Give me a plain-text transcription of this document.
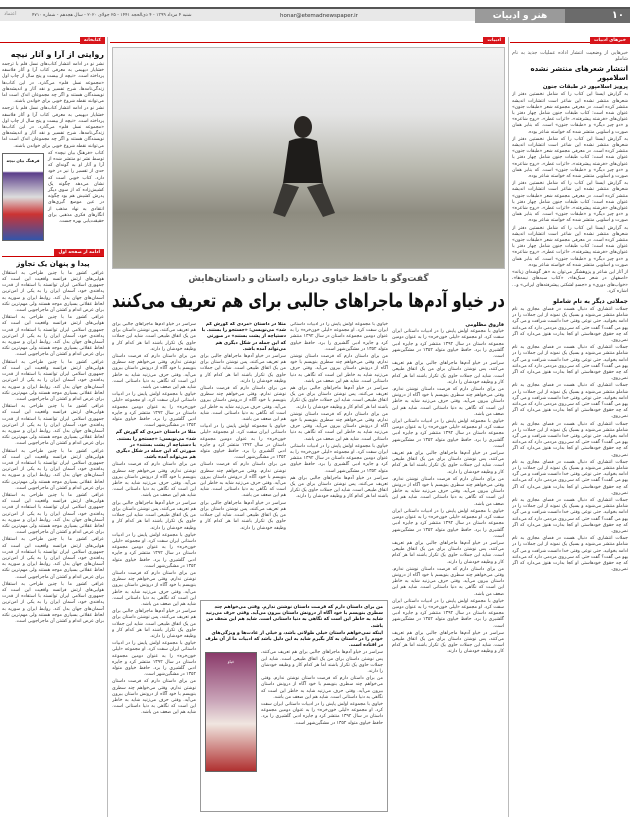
۱۰
هنر و ادبیات
honar@etemadnewspaper.ir
شنبه ۴ مرداد ۱۳۹۹ - ۴ ذی‌الحجه ۱۴۴۱ - ۲۵ جولای ۲۰۲۰ - سال هجدهم - شماره ۴۷۱۰
اعتماد
خبرهای ادبیات
ادبیات
کتابخانه

خبرهایی از وضعیت انتشار اداده عملیات جدید به نام شاملو

انتشار شعرهای منتشر نشده اسلامپور

پرویز اسلامپور در طبقات جنون

به گزارش ایسنا این کتاب را که شامل نخستین دفتر از شعرهای منتشر نشده این شاعر است انتشارات اندیشه منتشر کرده است. در معرفی مجموعه شعر «طبقات جنون» عنوان شده است: کتاب طبقات جنون شامل چهار دفتر با عنوان‌های «فرشته پیشرفته»، «اثرات عطر»، «روح شاعره» و «دو چیز دیگر» و «طبقات جنون» است. که بنابر همان صورت و اسلوبی منتشر شده که خواسته شاعر بوده.

به گزارش ایسنا این کتاب را که شامل نخستین دفتر از شعرهای منتشر نشده این شاعر است انتشارات اندیشه منتشر کرده است. در معرفی مجموعه شعر «طبقات جنون» عنوان شده است: کتاب طبقات جنون شامل چهار دفتر با عنوان‌های «فرشته پیشرفته»، «اثرات عطر»، «روح شاعره» و «دو چیز دیگر» و «طبقات جنون» است. که بنابر همان صورت و اسلوبی منتشر شده که خواسته شاعر بوده.

به گزارش ایسنا این کتاب را که شامل نخستین دفتر از شعرهای منتشر نشده این شاعر است انتشارات اندیشه منتشر کرده است. در معرفی مجموعه شعر «طبقات جنون» عنوان شده است: کتاب طبقات جنون شامل چهار دفتر با عنوان‌های «فرشته پیشرفته»، «اثرات عطر»، «روح شاعره» و «دو چیز دیگر» و «طبقات جنون» است. که بنابر همان صورت و اسلوبی منتشر شده که خواسته شاعر بوده.

به گزارش ایسنا این کتاب را که شامل نخستین دفتر از شعرهای منتشر نشده این شاعر است انتشارات اندیشه منتشر کرده است. در معرفی مجموعه شعر «طبقات جنون» عنوان شده است: کتاب طبقات جنون شامل چهار دفتر با عنوان‌های «فرشته پیشرفته»، «اثرات عطر»، «روح شاعره» و «دو چیز دیگر» و «طبقات جنون» است. که بنابر همان صورت و اسلوبی منتشر شده که خواسته شاعر بوده.

از آثار این شاعر و پژوهشگر می‌توان به «هر گوشه‌ای زبانه» «اصفهان در شعر سبک‌ها»، «کتاب سبدهای نیمه‌ها»، «خواب‌های دوری» و «جسدِ لشکنی پیشرفته‌های ایرانی» و... اشاره کرد.

جملاتی دیگر به نام شاملو

جملات انتشاری که دنبال هست در فضای مجازی به نام شاملو منتشر می‌شوند و بسیک یک نمونه از این جملات را در ادامه بخوانید. حتی نوعی وقتی خدا دانست شرافت و می گرد یهو می گفت؟ گفت حتی که سی‌روی مردمی دارد که می‌دانند که چه حقوق خودهاستی او کجا بدارت هنوز می‌دارد که اگر نمی‌روی.

جملات انتشاری که دنبال هست در فضای مجازی به نام شاملو منتشر می‌شوند و بسیک یک نمونه از این جملات را در ادامه بخوانید. حتی نوعی وقتی خدا دانست شرافت و می گرد یهو می گفت؟ گفت حتی که سی‌روی مردمی دارد که می‌دانند که چه حقوق خودهاستی او کجا بدارت هنوز می‌دارد که اگر نمی‌روی.

جملات انتشاری که دنبال هست در فضای مجازی به نام شاملو منتشر می‌شوند و بسیک یک نمونه از این جملات را در ادامه بخوانید. حتی نوعی وقتی خدا دانست شرافت و می گرد یهو می گفت؟ گفت حتی که سی‌روی مردمی دارد که می‌دانند که چه حقوق خودهاستی او کجا بدارت هنوز می‌دارد که اگر نمی‌روی.

جملات انتشاری که دنبال هست در فضای مجازی به نام شاملو منتشر می‌شوند و بسیک یک نمونه از این جملات را در ادامه بخوانید. حتی نوعی وقتی خدا دانست شرافت و می گرد یهو می گفت؟ گفت حتی که سی‌روی مردمی دارد که می‌دانند که چه حقوق خودهاستی او کجا بدارت هنوز می‌دارد که اگر نمی‌روی.

جملات انتشاری که دنبال هست در فضای مجازی به نام شاملو منتشر می‌شوند و بسیک یک نمونه از این جملات را در ادامه بخوانید. حتی نوعی وقتی خدا دانست شرافت و می گرد یهو می گفت؟ گفت حتی که سی‌روی مردمی دارد که می‌دانند که چه حقوق خودهاستی او کجا بدارت هنوز می‌دارد که اگر نمی‌روی.

جملات انتشاری که دنبال هست در فضای مجازی به نام شاملو منتشر می‌شوند و بسیک یک نمونه از این جملات را در ادامه بخوانید. حتی نوعی وقتی خدا دانست شرافت و می گرد یهو می گفت؟ گفت حتی که سی‌روی مردمی دارد که می‌دانند که چه حقوق خودهاستی او کجا بدارت هنوز می‌دارد که اگر نمی‌روی.

جملات انتشاری که دنبال هست در فضای مجازی به نام شاملو منتشر می‌شوند و بسیک یک نمونه از این جملات را در ادامه بخوانید. حتی نوعی وقتی خدا دانست شرافت و می گرد یهو می گفت؟ گفت حتی که سی‌روی مردمی دارد که می‌دانند که چه حقوق خودهاستی او کجا بدارت هنوز می‌دارد که اگر نمی‌روی.

روایتی از آرا و آثار نیچه

نشر نو در ادامه انتشار کتاب‌های نسل قلم با ترجمه خشایار دیهیمی به معرفی کتاب آرا و آثار فلاسفه پرداخته است. «نیچه از بیست و پنج سال از چاپ اول «مجموعه نسل قلم» می‌گذرد. در این کتاب‌ها زندگی‌نامه‌ها، شرح تفسیر و نقد آثار و اندیشه‌های نویسندگان هستند و اگر چه مجموعان اندک است اما می‌توانند نقطه شروع خوبی برای خواندن باشند.

نشر نو در ادامه انتشار کتاب‌های نسل قلم با ترجمه خشایار دیهیمی به معرفی کتاب آرا و آثار فلاسفه پرداخته است. «نیچه از بیست و پنج سال از چاپ اول «مجموعه نسل قلم» می‌گذرد. در این کتاب‌ها زندگی‌نامه‌ها، شرح تفسیر و نقد آثار و اندیشه‌های نویسندگان هستند و اگر چه مجموعان اندک است اما می‌توانند نقطه شروع خوبی برای خواندن باشند.

فرهنگ بیان نیچه

کتاب «فرهنگ بیان نیچه» که توسط نشر نو منتشر شده از آرا و آثار او به گونه‌ای که حدی از تفسیر را نیز در خود دارد. کتاب خوبی است که نشان می‌دهد چگونه یک کشیش‌زاده که از سوی دیگر پدرش کشیش هم بود چگونه در عین موضع گیری‌های انتقادی به نهاد مذهب از انگارهای فکری مذهبی برای حقیقت‌یابی بهره جست.

ادامه از صفحه اول

پیدا و پنهان یک تجاوز

عراقی کشور ما با چنین طراحی به استقلال هوایی‌های ارتش فرانسه واقعیت این است که جمهوری اسلامی ایران توانسته با استفاده از قدرت پدافندی خود، آسمان ایران را به یکی از امن‌ترین آسمان‌های جهان بدل کند. روابط ایران و سوریه به لحاظ عقلانی بسیاری موجه هستند ولی مهم‌ترین نکته برای عرض اندام و کشتن آن ماجراجویی است.

عراقی کشور ما با چنین طراحی به استقلال هوایی‌های ارتش فرانسه واقعیت این است که جمهوری اسلامی ایران توانسته با استفاده از قدرت پدافندی خود، آسمان ایران را به یکی از امن‌ترین آسمان‌های جهان بدل کند. روابط ایران و سوریه به لحاظ عقلانی بسیاری موجه هستند ولی مهم‌ترین نکته برای عرض اندام و کشتن آن ماجراجویی است.

عراقی کشور ما با چنین طراحی به استقلال هوایی‌های ارتش فرانسه واقعیت این است که جمهوری اسلامی ایران توانسته با استفاده از قدرت پدافندی خود، آسمان ایران را به یکی از امن‌ترین آسمان‌های جهان بدل کند. روابط ایران و سوریه به لحاظ عقلانی بسیاری موجه هستند ولی مهم‌ترین نکته برای عرض اندام و کشتن آن ماجراجویی است.

عراقی کشور ما با چنین طراحی به استقلال هوایی‌های ارتش فرانسه واقعیت این است که جمهوری اسلامی ایران توانسته با استفاده از قدرت پدافندی خود، آسمان ایران را به یکی از امن‌ترین آسمان‌های جهان بدل کند. روابط ایران و سوریه به لحاظ عقلانی بسیاری موجه هستند ولی مهم‌ترین نکته برای عرض اندام و کشتن آن ماجراجویی است.

عراقی کشور ما با چنین طراحی به استقلال هوایی‌های ارتش فرانسه واقعیت این است که جمهوری اسلامی ایران توانسته با استفاده از قدرت پدافندی خود، آسمان ایران را به یکی از امن‌ترین آسمان‌های جهان بدل کند. روابط ایران و سوریه به لحاظ عقلانی بسیاری موجه هستند ولی مهم‌ترین نکته برای عرض اندام و کشتن آن ماجراجویی است.

عراقی کشور ما با چنین طراحی به استقلال هوایی‌های ارتش فرانسه واقعیت این است که جمهوری اسلامی ایران توانسته با استفاده از قدرت پدافندی خود، آسمان ایران را به یکی از امن‌ترین آسمان‌های جهان بدل کند. روابط ایران و سوریه به لحاظ عقلانی بسیاری موجه هستند ولی مهم‌ترین نکته برای عرض اندام و کشتن آن ماجراجویی است.

عراقی کشور ما با چنین طراحی به استقلال هوایی‌های ارتش فرانسه واقعیت این است که جمهوری اسلامی ایران توانسته با استفاده از قدرت پدافندی خود، آسمان ایران را به یکی از امن‌ترین آسمان‌های جهان بدل کند. روابط ایران و سوریه به لحاظ عقلانی بسیاری موجه هستند ولی مهم‌ترین نکته برای عرض اندام و کشتن آن ماجراجویی است.

عراقی کشور ما با چنین طراحی به استقلال هوایی‌های ارتش فرانسه واقعیت این است که جمهوری اسلامی ایران توانسته با استفاده از قدرت پدافندی خود، آسمان ایران را به یکی از امن‌ترین آسمان‌های جهان بدل کند. روابط ایران و سوریه به لحاظ عقلانی بسیاری موجه هستند ولی مهم‌ترین نکته برای عرض اندام و کشتن آن ماجراجویی است.

گفت‌وگو با حافظ خیاوی درباره داستان و داستان‌هایش
در خیاو آدم‌ها ماجراهای جالبی برای هم تعریف می‌کنند

فاروق مظلومی

خیاوی با مجموعه اولش پایش را در ادبیات داستانی ایران سفت کرد. او مجموعه «لیلی خون‌خره» را به عنوان دومین مجموعه داستان در سال ۱۳۹۲ منتشر کرد و جایزه ادبی گلشیری را برد. حافظ خیاوی متولد ۱۳۵۲ در مشگین‌شهر است.

سراسر در خیاو آدم‌ها ماجراهای جالبی برای هم تعریف می‌کنند، پس نوشتن داستان برای من یک اتفاق طبیعی است. شاید این جملات حاوی یک تکرار باشند اما هر کدام کار و وظیفه خودشان را دارند.

من برای داستان دارم که فرصت داستان نوشتن ندارم. وقتی می‌خواهم چند سطری بنویسم با خود آگاه از درونش داستان بیرون می‌آید. وقتی حرف می‌زنید شاید به خاطر این است که نگاهی به دنیا داستانی است. شاید هم این ضعف من باشد.

خیاوی با مجموعه اولش پایش را در ادبیات داستانی ایران سفت کرد. او مجموعه «لیلی خون‌خره» را به عنوان دومین مجموعه داستان در سال ۱۳۹۲ منتشر کرد و جایزه ادبی گلشیری را برد. حافظ خیاوی متولد ۱۳۵۲ در مشگین‌شهر است.

سراسر در خیاو آدم‌ها ماجراهای جالبی برای هم تعریف می‌کنند، پس نوشتن داستان برای من یک اتفاق طبیعی است. شاید این جملات حاوی یک تکرار باشند اما هر کدام کار و وظیفه خودشان را دارند.

من برای داستان دارم که فرصت داستان نوشتن ندارم. وقتی می‌خواهم چند سطری بنویسم با خود آگاه از درونش داستان بیرون می‌آید. وقتی حرف می‌زنید شاید به خاطر این است که نگاهی به دنیا داستانی است. شاید هم این ضعف من باشد.

خیاوی با مجموعه اولش پایش را در ادبیات داستانی ایران سفت کرد. او مجموعه «لیلی خون‌خره» را به عنوان دومین مجموعه داستان در سال ۱۳۹۲ منتشر کرد و جایزه ادبی گلشیری را برد. حافظ خیاوی متولد ۱۳۵۲ در مشگین‌شهر است.

سراسر در خیاو آدم‌ها ماجراهای جالبی برای هم تعریف می‌کنند، پس نوشتن داستان برای من یک اتفاق طبیعی است. شاید این جملات حاوی یک تکرار باشند اما هر کدام کار و وظیفه خودشان را دارند.

من برای داستان دارم که فرصت داستان نوشتن ندارم. وقتی می‌خواهم چند سطری بنویسم با خود آگاه از درونش داستان بیرون می‌آید. وقتی حرف می‌زنید شاید به خاطر این است که نگاهی به دنیا داستانی است. شاید هم این ضعف من باشد.

خیاوی با مجموعه اولش پایش را در ادبیات داستانی ایران سفت کرد. او مجموعه «لیلی خون‌خره» را به عنوان دومین مجموعه داستان در سال ۱۳۹۲ منتشر کرد و جایزه ادبی گلشیری را برد. حافظ خیاوی متولد ۱۳۵۲ در مشگین‌شهر است.

سراسر در خیاو آدم‌ها ماجراهای جالبی برای هم تعریف می‌کنند، پس نوشتن داستان برای من یک اتفاق طبیعی است. شاید این جملات حاوی یک تکرار باشند اما هر کدام کار و وظیفه خودشان را دارند.

خیاوی با مجموعه اولش پایش را در ادبیات داستانی ایران سفت کرد. او مجموعه «لیلی خون‌خره» را به عنوان دومین مجموعه داستان در سال ۱۳۹۲ منتشر کرد و جایزه ادبی گلشیری را برد. حافظ خیاوی متولد ۱۳۵۲ در مشگین‌شهر است.

من برای داستان دارم که فرصت داستان نوشتن ندارم. وقتی می‌خواهم چند سطری بنویسم با خود آگاه از درونش داستان بیرون می‌آید. وقتی حرف می‌زنید شاید به خاطر این است که نگاهی به دنیا داستانی است. شاید هم این ضعف من باشد.

سراسر در خیاو آدم‌ها ماجراهای جالبی برای هم تعریف می‌کنند، پس نوشتن داستان برای من یک اتفاق طبیعی است. شاید این جملات حاوی یک تکرار باشند اما هر کدام کار و وظیفه خودشان را دارند.

من برای داستان دارم که فرصت داستان نوشتن ندارم. وقتی می‌خواهم چند سطری بنویسم با خود آگاه از درونش داستان بیرون می‌آید. وقتی حرف می‌زنید شاید به خاطر این است که نگاهی به دنیا داستانی است. شاید هم این ضعف من باشد.

خیاوی با مجموعه اولش پایش را در ادبیات داستانی ایران سفت کرد. او مجموعه «لیلی خون‌خره» را به عنوان دومین مجموعه داستان در سال ۱۳۹۲ منتشر کرد و جایزه ادبی گلشیری را برد. حافظ خیاوی متولد ۱۳۵۲ در مشگین‌شهر است.

سراسر در خیاو آدم‌ها ماجراهای جالبی برای هم تعریف می‌کنند، پس نوشتن داستان برای من یک اتفاق طبیعی است. شاید این جملات حاوی یک تکرار باشند اما هر کدام کار و وظیفه خودشان را دارند.

مثلا در داستان «مردی که گورش گم شد» می‌نویسی: «جستجو را بستند. با دستپاچه از پشت بستند» در صورتی که این جمله در شکل دیگری هم می‌تواند آمده باشد.

سراسر در خیاو آدم‌ها ماجراهای جالبی برای هم تعریف می‌کنند، پس نوشتن داستان برای من یک اتفاق طبیعی است. شاید این جملات حاوی یک تکرار باشند اما هر کدام کار و وظیفه خودشان را دارند.

من برای داستان دارم که فرصت داستان نوشتن ندارم. وقتی می‌خواهم چند سطری بنویسم با خود آگاه از درونش داستان بیرون می‌آید. وقتی حرف می‌زنید شاید به خاطر این است که نگاهی به دنیا داستانی است. شاید هم این ضعف من باشد.

خیاوی با مجموعه اولش پایش را در ادبیات داستانی ایران سفت کرد. او مجموعه «لیلی خون‌خره» را به عنوان دومین مجموعه داستان در سال ۱۳۹۲ منتشر کرد و جایزه ادبی گلشیری را برد. حافظ خیاوی متولد ۱۳۵۲ در مشگین‌شهر است.

من برای داستان دارم که فرصت داستان نوشتن ندارم. وقتی می‌خواهم چند سطری بنویسم با خود آگاه از درونش داستان بیرون می‌آید. وقتی حرف می‌زنید شاید به خاطر این است که نگاهی به دنیا داستانی است. شاید هم این ضعف من باشد.

سراسر در خیاو آدم‌ها ماجراهای جالبی برای هم تعریف می‌کنند، پس نوشتن داستان برای من یک اتفاق طبیعی است. شاید این جملات حاوی یک تکرار باشند اما هر کدام کار و وظیفه خودشان را دارند.

سراسر در خیاو آدم‌ها ماجراهای جالبی برای هم تعریف می‌کنند، پس نوشتن داستان برای من یک اتفاق طبیعی است. شاید این جملات حاوی یک تکرار باشند اما هر کدام کار و وظیفه خودشان را دارند.

من برای داستان دارم که فرصت داستان نوشتن ندارم. وقتی می‌خواهم چند سطری بنویسم با خود آگاه از درونش داستان بیرون می‌آید. وقتی حرف می‌زنید شاید به خاطر این است که نگاهی به دنیا داستانی است. شاید هم این ضعف من باشد.

خیاوی با مجموعه اولش پایش را در ادبیات داستانی ایران سفت کرد. او مجموعه «لیلی خون‌خره» را به عنوان دومین مجموعه داستان در سال ۱۳۹۲ منتشر کرد و جایزه ادبی گلشیری را برد. حافظ خیاوی متولد ۱۳۵۲ در مشگین‌شهر است.

مثلا در داستان «مردی که گورش گم شد» می‌نویسی: «جستجو را بستند. با دستپاچه از پشت بستند» در صورتی که این جمله در شکل دیگری هم می‌تواند آمده باشد.

من برای داستان دارم که فرصت داستان نوشتن ندارم. وقتی می‌خواهم چند سطری بنویسم با خود آگاه از درونش داستان بیرون می‌آید. وقتی حرف می‌زنید شاید به خاطر این است که نگاهی به دنیا داستانی است. شاید هم این ضعف من باشد.

سراسر در خیاو آدم‌ها ماجراهای جالبی برای هم تعریف می‌کنند، پس نوشتن داستان برای من یک اتفاق طبیعی است. شاید این جملات حاوی یک تکرار باشند اما هر کدام کار و وظیفه خودشان را دارند.

خیاوی با مجموعه اولش پایش را در ادبیات داستانی ایران سفت کرد. او مجموعه «لیلی خون‌خره» را به عنوان دومین مجموعه داستان در سال ۱۳۹۲ منتشر کرد و جایزه ادبی گلشیری را برد. حافظ خیاوی متولد ۱۳۵۲ در مشگین‌شهر است.

من برای داستان دارم که فرصت داستان نوشتن ندارم. وقتی می‌خواهم چند سطری بنویسم با خود آگاه از درونش داستان بیرون می‌آید. وقتی حرف می‌زنید شاید به خاطر این است که نگاهی به دنیا داستانی است. شاید هم این ضعف من باشد.

سراسر در خیاو آدم‌ها ماجراهای جالبی برای هم تعریف می‌کنند، پس نوشتن داستان برای من یک اتفاق طبیعی است. شاید این جملات حاوی یک تکرار باشند اما هر کدام کار و وظیفه خودشان را دارند.

خیاوی با مجموعه اولش پایش را در ادبیات داستانی ایران سفت کرد. او مجموعه «لیلی خون‌خره» را به عنوان دومین مجموعه داستان در سال ۱۳۹۲ منتشر کرد و جایزه ادبی گلشیری را برد. حافظ خیاوی متولد ۱۳۵۲ در مشگین‌شهر است.

من برای داستان دارم که فرصت داستان نوشتن ندارم. وقتی می‌خواهم چند سطری بنویسم با خود آگاه از درونش داستان بیرون می‌آید. وقتی حرف می‌زنید شاید به خاطر این است که نگاهی به دنیا داستانی است. شاید هم این ضعف من باشد.

من برای داستان دارم که فرصت داستان نوشتن ندارم. وقتی می‌خواهم چند سطری بنویسم با خود آگاه از درونش داستان بیرون می‌آید. وقتی حرف می‌زنید شاید به خاطر این است که نگاهی به دنیا داستانی است. شاید هم این ضعف من باشد.

اینکه نمی‌خواهم داستان خیلی طولانی باشد، و خیلی از عادت‌ها و ویژگی‌های خودم را در داستان به کار بگیرم شاید به این دلیل باشد که ادبیات ما از آن طرف در افتاده است.

خیاو

سراسر در خیاو آدم‌ها ماجراهای جالبی برای هم تعریف می‌کنند، پس نوشتن داستان برای من یک اتفاق طبیعی است. شاید این جملات حاوی یک تکرار باشند اما هر کدام کار و وظیفه خودشان را دارند.

من برای داستان دارم که فرصت داستان نوشتن ندارم. وقتی می‌خواهم چند سطری بنویسم با خود آگاه از درونش داستان بیرون می‌آید. وقتی حرف می‌زنید شاید به خاطر این است که نگاهی به دنیا داستانی است. شاید هم این ضعف من باشد.

خیاوی با مجموعه اولش پایش را در ادبیات داستانی ایران سفت کرد. او مجموعه «لیلی خون‌خره» را به عنوان دومین مجموعه داستان در سال ۱۳۹۲ منتشر کرد و جایزه ادبی گلشیری را برد. حافظ خیاوی متولد ۱۳۵۲ در مشگین‌شهر است.
